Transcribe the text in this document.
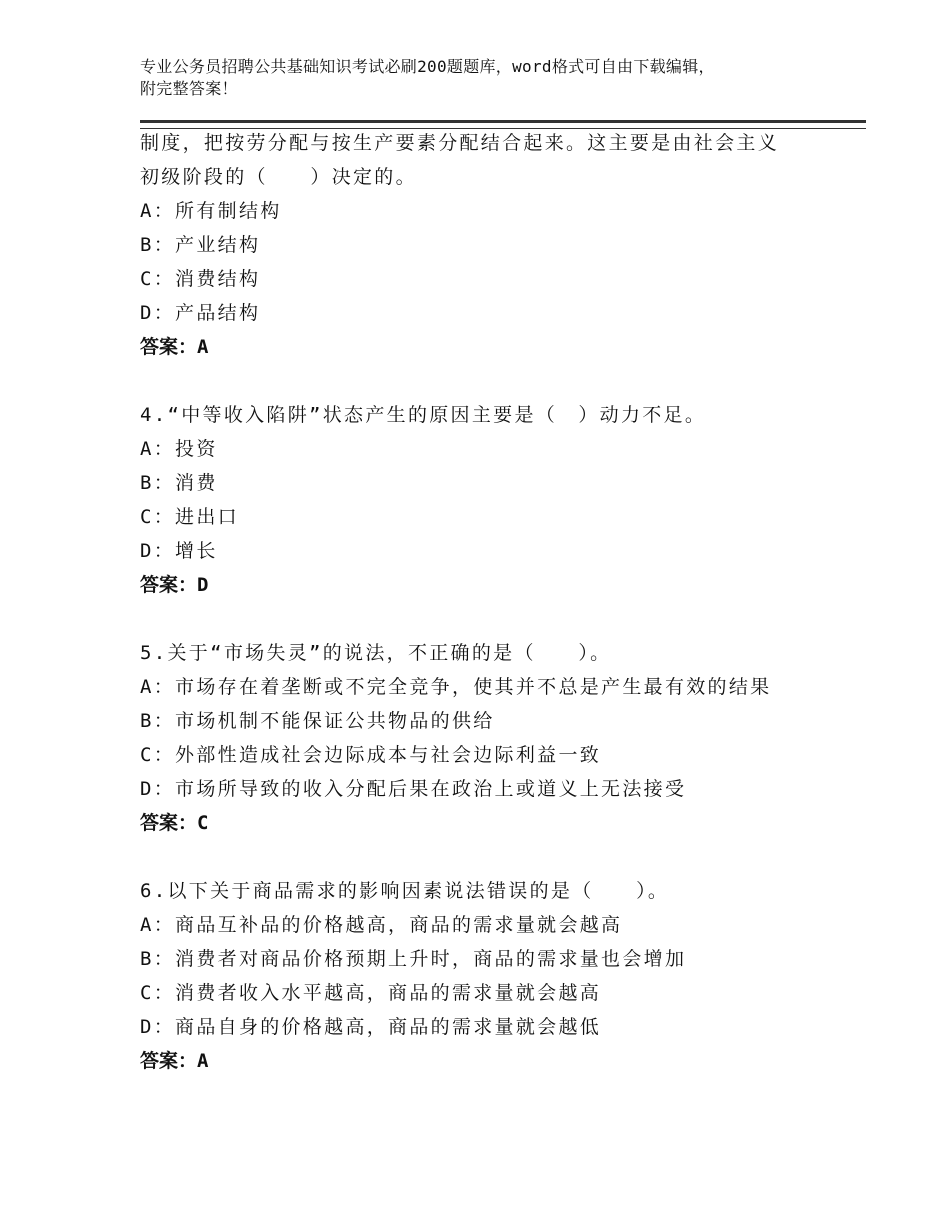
专业公务员招聘公共基础知识考试必刷200题题库，word格式可自由下载编辑，
附完整答案！
制度，把按劳分配与按生产要素分配结合起来。这主要是由社会主义
初级阶段的（　　）决定的。
A：所有制结构
B：产业结构
C：消费结构
D：产品结构
答案：A
4.“中等收入陷阱”状态产生的原因主要是（　）动力不足。
A：投资
B：消费
C：进出口
D：增长
答案：D
5.关于“市场失灵”的说法，不正确的是（　　）。
A：市场存在着垄断或不完全竞争，使其并不总是产生最有效的结果
B：市场机制不能保证公共物品的供给
C：外部性造成社会边际成本与社会边际利益一致
D：市场所导致的收入分配后果在政治上或道义上无法接受
答案：C
6.以下关于商品需求的影响因素说法错误的是（　　）。
A：商品互补品的价格越高，商品的需求量就会越高
B：消费者对商品价格预期上升时，商品的需求量也会增加
C：消费者收入水平越高，商品的需求量就会越高
D：商品自身的价格越高，商品的需求量就会越低
答案：A
